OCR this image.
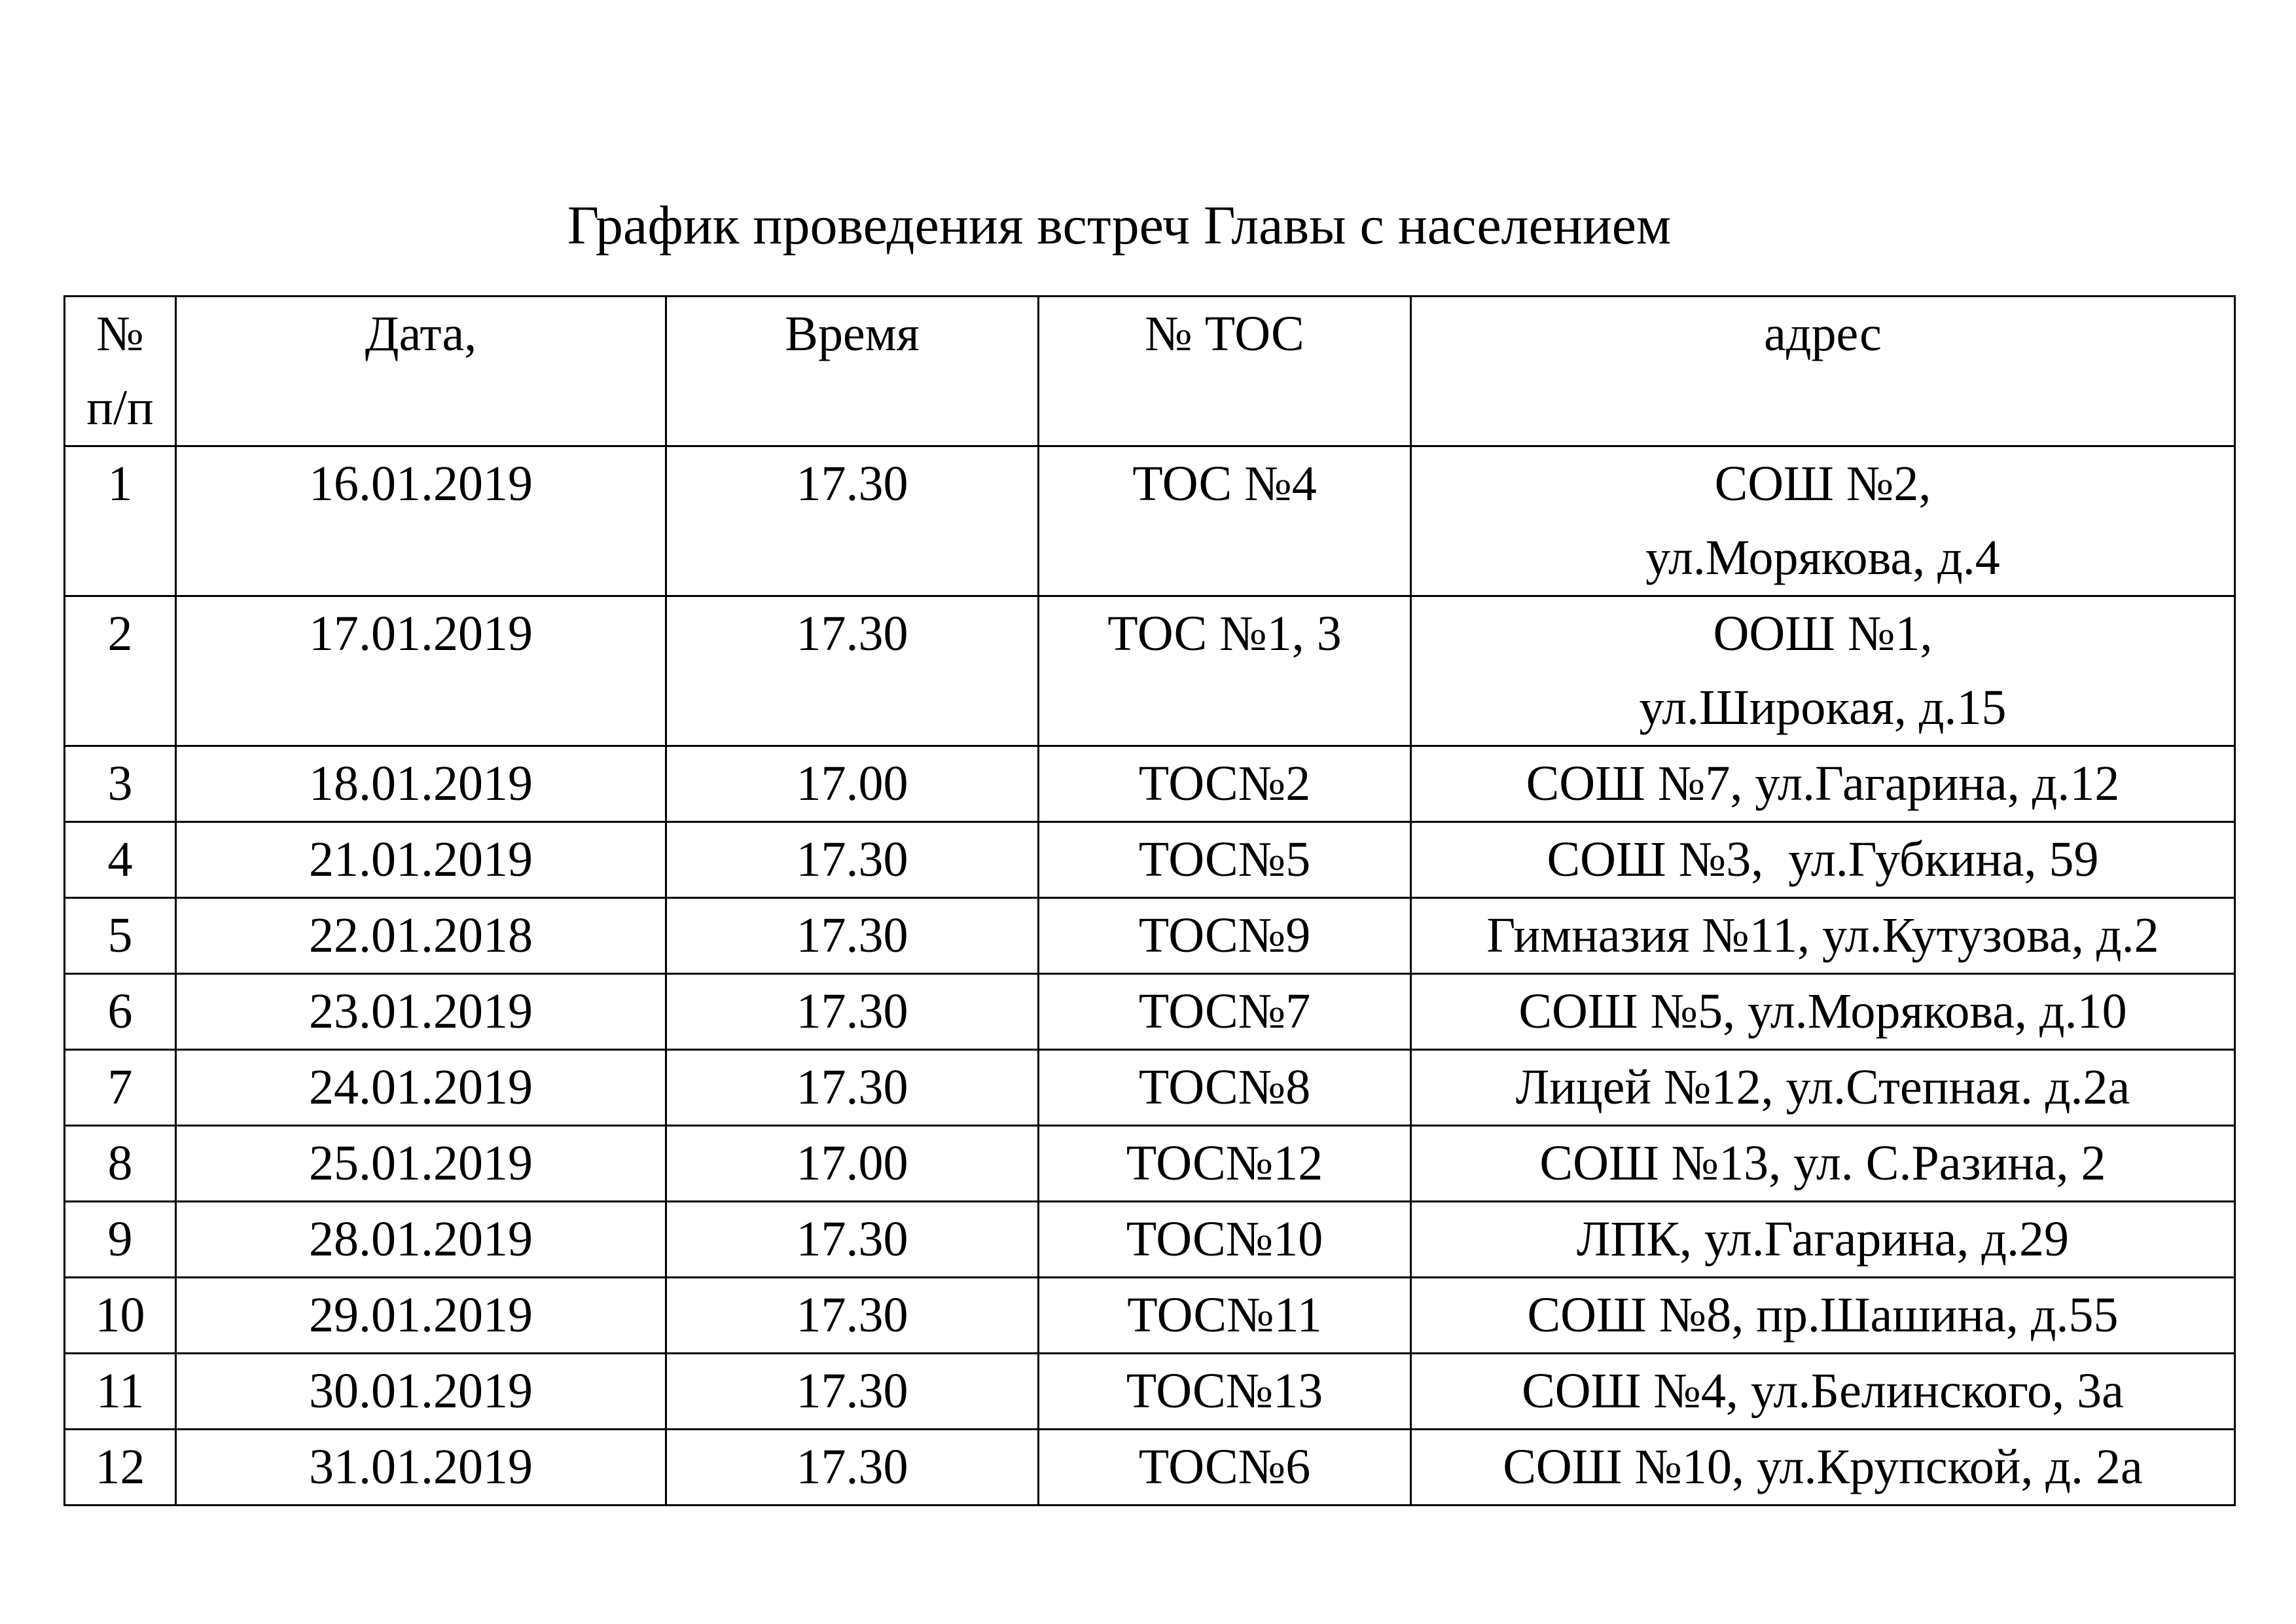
График проведения встреч Главы с населением
№
п/п	Дата,	Время	№ ТОС	адрес
1	16.01.2019	17.30	ТОС №4	СОШ №2,
ул.Морякова, д.4

2	17.01.2019	17.30	ТОС №1, 3	ООШ №1,
ул.Широкая, д.15

3	18.01.2019	17.00	ТОС№2	СОШ №7, ул.Гагарина, д.12
4	21.01.2019	17.30	ТОС№5	СОШ №3,  ул.Губкина, 59
5	22.01.2018	17.30	ТОС№9	Гимназия №11, ул.Кутузова, д.2
6	23.01.2019	17.30	ТОС№7	СОШ №5, ул.Морякова, д.10
7	24.01.2019	17.30	ТОС№8	Лицей №12, ул.Степная. д.2а
8	25.01.2019	17.00	ТОС№12	СОШ №13, ул. С.Разина, 2
9	28.01.2019	17.30	ТОС№10	ЛПК, ул.Гагарина, д.29
10	29.01.2019	17.30	ТОС№11	СОШ №8, пр.Шашина, д.55
11	30.01.2019	17.30	ТОС№13	СОШ №4, ул.Белинского, 3а
12	31.01.2019	17.30	ТОС№6	СОШ №10, ул.Крупской, д. 2а
